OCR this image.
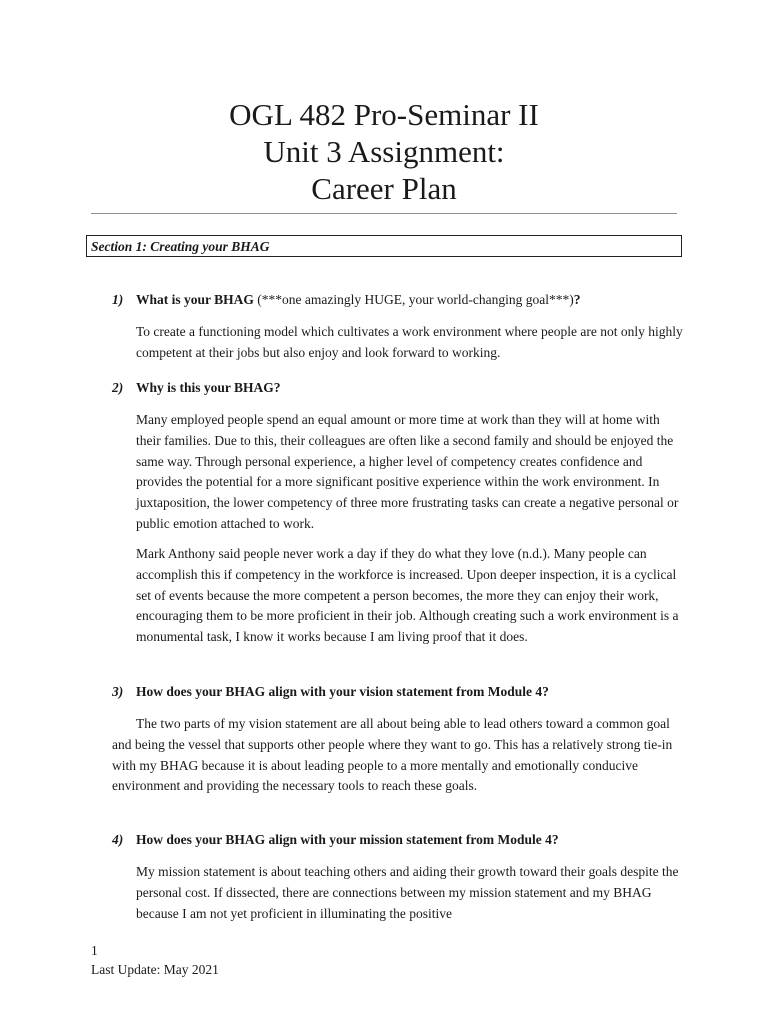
OGL 482 Pro-Seminar II
Unit 3 Assignment:
Career Plan
Section 1: Creating your BHAG
1) What is your BHAG (***one amazingly HUGE, your world-changing goal***)?
To create a functioning model which cultivates a work environment where people are not only highly competent at their jobs but also enjoy and look forward to working.
2) Why is this your BHAG?
Many employed people spend an equal amount or more time at work than they will at home with their families. Due to this, their colleagues are often like a second family and should be enjoyed the same way. Through personal experience, a higher level of competency creates confidence and provides the potential for a more significant positive experience within the work environment. In juxtaposition, the lower competency of three more frustrating tasks can create a negative personal or public emotion attached to work.
Mark Anthony said people never work a day if they do what they love (n.d.). Many people can accomplish this if competency in the workforce is increased. Upon deeper inspection, it is a cyclical set of events because the more competent a person becomes, the more they can enjoy their work, encouraging them to be more proficient in their job. Although creating such a work environment is a monumental task, I know it works because I am living proof that it does.
3) How does your BHAG align with your vision statement from Module 4?
The two parts of my vision statement are all about being able to lead others toward a common goal and being the vessel that supports other people where they want to go. This has a relatively strong tie-in with my BHAG because it is about leading people to a more mentally and emotionally conducive environment and providing the necessary tools to reach these goals.
4) How does your BHAG align with your mission statement from Module 4?
My mission statement is about teaching others and aiding their growth toward their goals despite the personal cost. If dissected, there are connections between my mission statement and my BHAG because I am not yet proficient in illuminating the positive
1
Last Update: May 2021
